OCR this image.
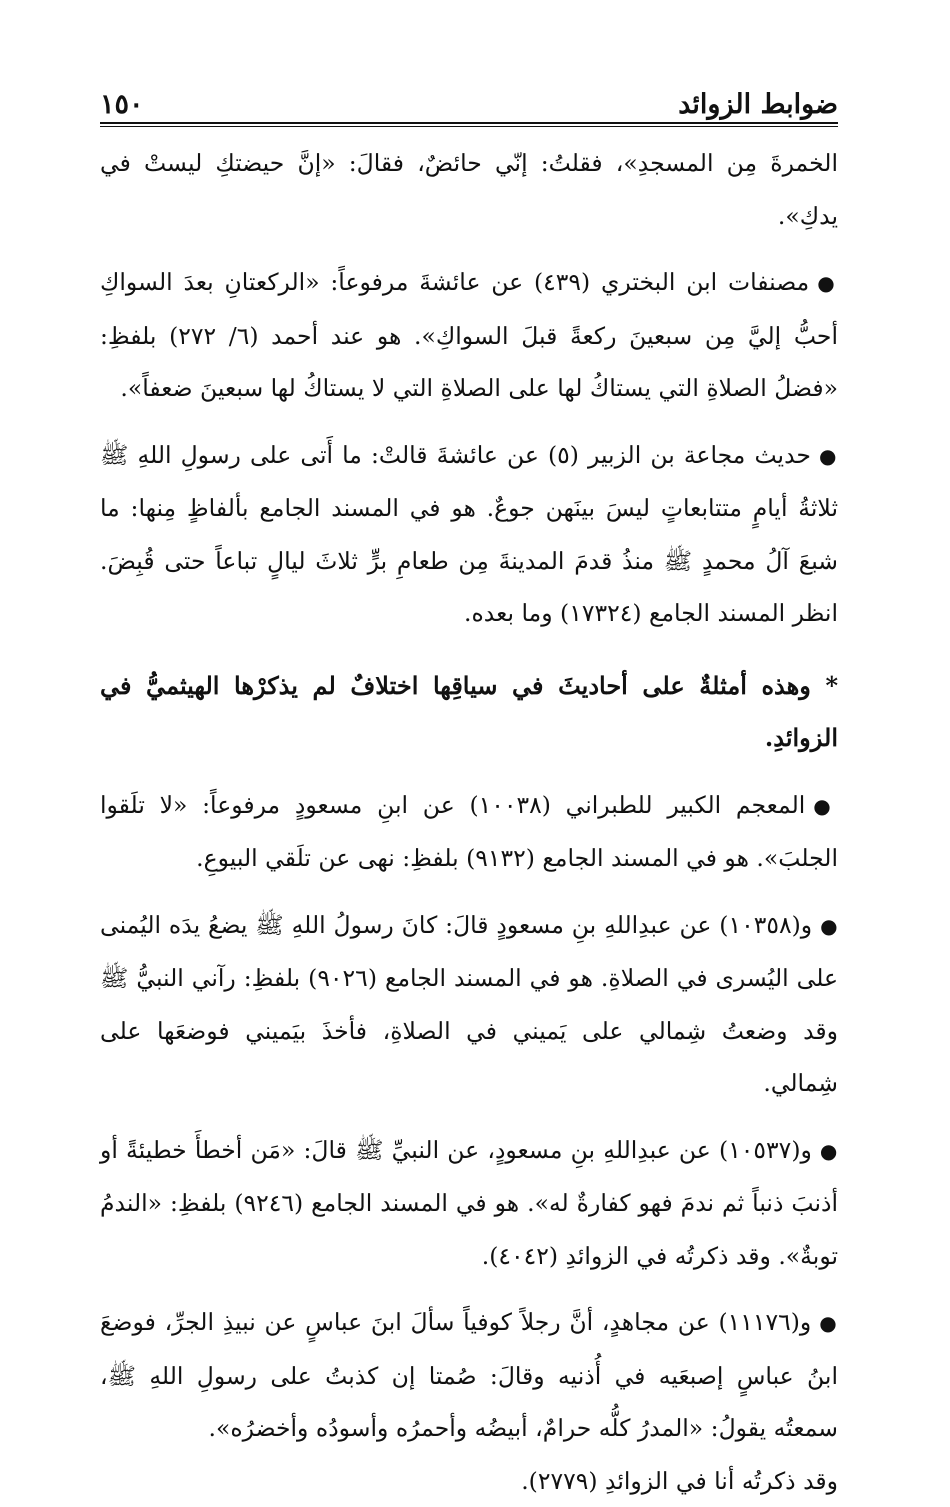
ضوابط الزوائد
١٥٠

الخمرةَ مِن المسجدِ»، فقلتُ: إنّي حائضٌ، فقالَ: «إنَّ حيضتكِ ليستْ في يدكِ».

●مصنفات ابن البختري (٤٣٩) عن عائشةَ مرفوعاً: «الركعتانِ بعدَ السواكِ أحبُّ إليَّ مِن سبعينَ ركعةً قبلَ السواكِ». هو عند أحمد (٦/ ٢٧٢) بلفظِ: «فضلُ الصلاةِ التي يستاكُ لها على الصلاةِ التي لا يستاكُ لها سبعينَ ضعفاً».

●حديث مجاعة بن الزبير (٥) عن عائشةَ قالتْ: ما أَتى على رسولِ اللهِ ﷺ ثلاثةُ أيامٍ متتابعاتٍ ليسَ بينَهن جوعٌ. هو في المسند الجامع بألفاظٍ مِنها: ما شبعَ آلُ محمدٍ ﷺ منذُ قدمَ المدينةَ مِن طعامِ برٍّ ثلاثَ ليالٍ تباعاً حتى قُبِضَ. انظر المسند الجامع (١٧٣٢٤) وما بعده.

* وهذه أمثلةٌ على أحاديثَ في سياقِها اختلافٌ لم يذكرْها الهيثميُّ في الزوائدِ.

●المعجم الكبير للطبراني (١٠٠٣٨) عن ابنِ مسعودٍ مرفوعاً: «لا تلَقوا الجلبَ». هو في المسند الجامع (٩١٣٢) بلفظِ: نهى عن تلَقي البيوعِ.

●و(١٠٣٥٨) عن عبدِاللهِ بنِ مسعودٍ قالَ: كانَ رسولُ اللهِ ﷺ يضعُ يدَه اليُمنى على اليُسرى في الصلاةِ. هو في المسند الجامع (٩٠٢٦) بلفظِ: رآني النبيُّ ﷺ وقد وضعتُ شِمالي على يَميني في الصلاةِ، فأخذَ بيَميني فوضعَها على شِمالي.

●و(١٠٥٣٧) عن عبدِاللهِ بنِ مسعودٍ، عن النبيِّ ﷺ قالَ: «مَن أخطأَ خطيئةً أو أذنبَ ذنباً ثم ندمَ فهو كفارةٌ له». هو في المسند الجامع (٩٢٤٦) بلفظِ: «الندمُ توبةٌ». وقد ذكرتُه في الزوائدِ (٤٠٤٢).

●و(١١١٧٦) عن مجاهدٍ، أنَّ رجلاً كوفياً سألَ ابنَ عباسٍ عن نبيذِ الجرِّ، فوضعَ ابنُ عباسٍ إصبعَيه في أُذنيه وقالَ: صُمتا إن كذبتُ على رسولِ اللهِ ﷺ، سمعتُه يقولُ: «المدرُ كلُّه حرامٌ، أبيضُه وأحمرُه وأسودُه وأخضرُه».

وقد ذكرتُه أنا في الزوائدِ (٢٧٧٩).
